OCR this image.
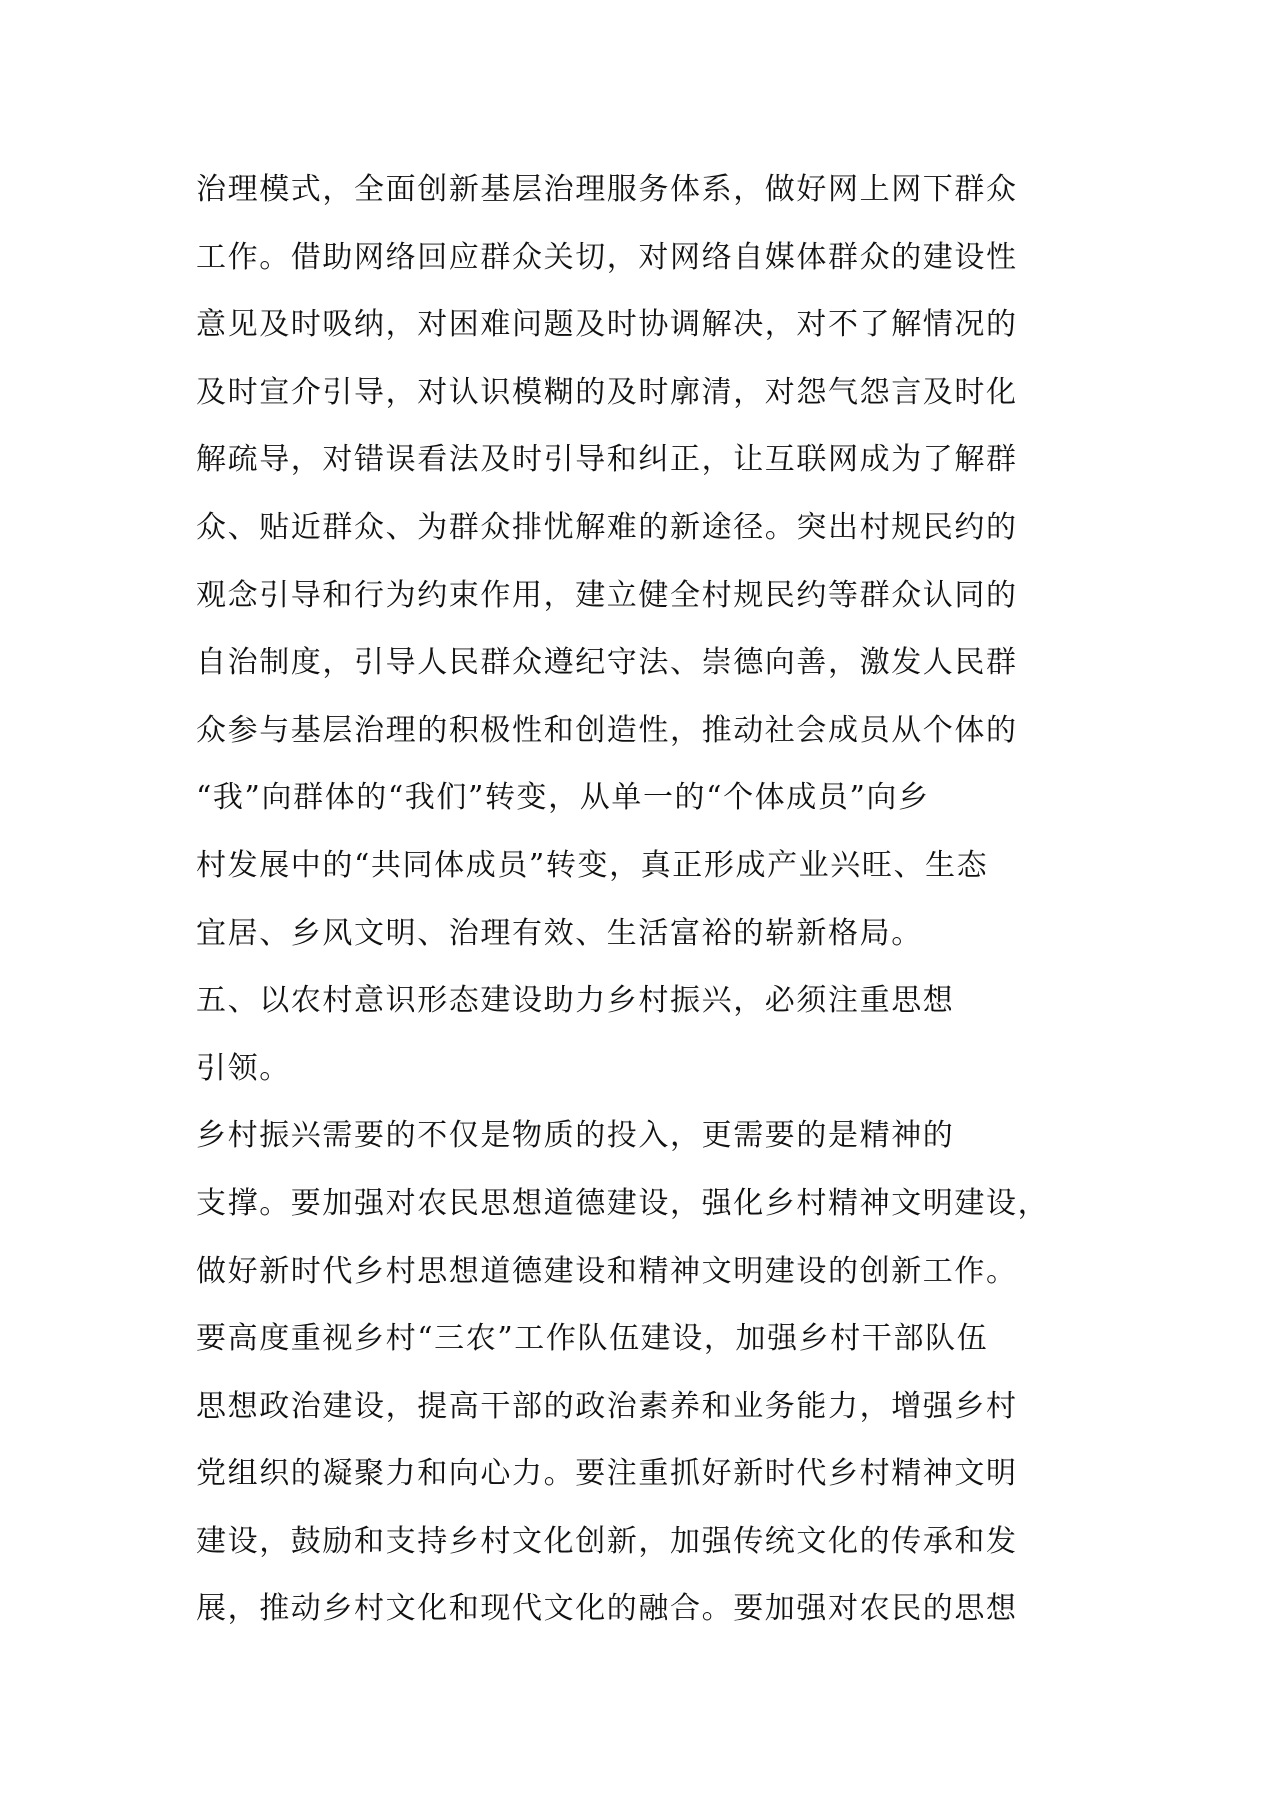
治理模式，全面创新基层治理服务体系，做好网上网下群众
工作。借助网络回应群众关切，对网络自媒体群众的建设性
意见及时吸纳，对困难问题及时协调解决，对不了解情况的
及时宣介引导，对认识模糊的及时廓清，对怨气怨言及时化
解疏导，对错误看法及时引导和纠正，让互联网成为了解群
众、贴近群众、为群众排忧解难的新途径。突出村规民约的
观念引导和行为约束作用，建立健全村规民约等群众认同的
自治制度，引导人民群众遵纪守法、崇德向善，激发人民群
众参与基层治理的积极性和创造性，推动社会成员从个体的
“我”向群体的“我们”转变，从单一的“个体成员”向乡
村发展中的“共同体成员”转变，真正形成产业兴旺、生态
宜居、乡风文明、治理有效、生活富裕的崭新格局。
五、以农村意识形态建设助力乡村振兴，必须注重思想
引领。
乡村振兴需要的不仅是物质的投入，更需要的是精神的
支撑。要加强对农民思想道德建设，强化乡村精神文明建设，
做好新时代乡村思想道德建设和精神文明建设的创新工作。
要高度重视乡村“三农”工作队伍建设，加强乡村干部队伍
思想政治建设，提高干部的政治素养和业务能力，增强乡村
党组织的凝聚力和向心力。要注重抓好新时代乡村精神文明
建设，鼓励和支持乡村文化创新，加强传统文化的传承和发
展，推动乡村文化和现代文化的融合。要加强对农民的思想
